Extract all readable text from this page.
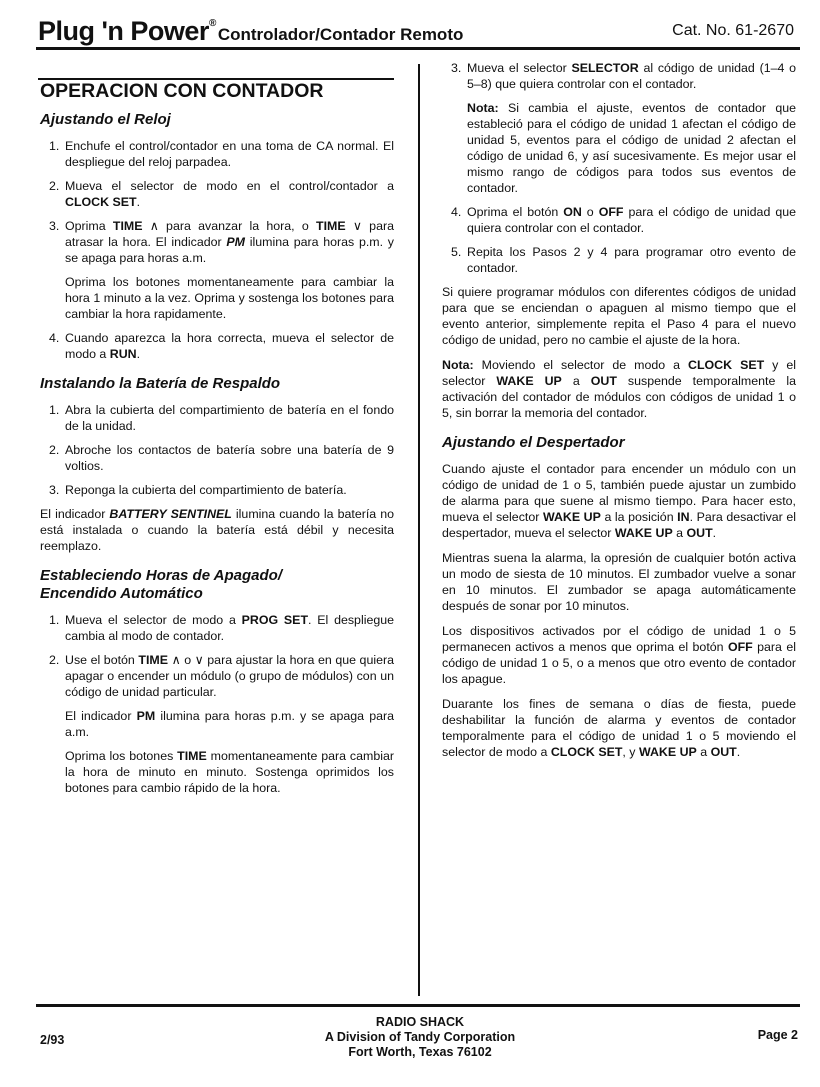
Plug 'n Power®Controlador/Contador Remoto	Cat. No. 61-2670
OPERACION CON CONTADOR
Ajustando el Reloj
1. Enchufe el control/contador en una toma de CA normal. El despliegue del reloj parpadea.
2. Mueva el selector de modo en el control/contador a CLOCK SET.
3. Oprima TIME ∧ para avanzar la hora, o TIME ∨ para atrasar la hora. El indicador PM ilumina para horas p.m. y se apaga para horas a.m.
Oprima los botones momentaneamente para cambiar la hora 1 minuto a la vez. Oprima y sostenga los botones para cambiar la hora rapidamente.
4. Cuando aparezca la hora correcta, mueva el selector de modo a RUN.
Instalando la Batería de Respaldo
1. Abra la cubierta del compartimiento de batería en el fondo de la unidad.
2. Abroche los contactos de batería sobre una batería de 9 voltios.
3. Reponga la cubierta del compartimiento de batería.
El indicador BATTERY SENTINEL ilumina cuando la batería no está instalada o cuando la batería está débil y necesita reemplazo.
Estableciendo Horas de Apagado/
Encendido Automático
1. Mueva el selector de modo a PROG SET. El despliegue cambia al modo de contador.
2. Use el botón TIME ∧ o ∨ para ajustar la hora en que quiera apagar o encender un módulo (o grupo de módulos) con un código de unidad particular.
El indicador PM ilumina para horas p.m. y se apaga para a.m.
Oprima los botones TIME momentaneamente para cambiar la hora de minuto en minuto. Sostenga oprimidos los botones para cambio rápido de la hora.
3. Mueva el selector SELECTOR al código de unidad (1–4 o 5–8) que quiera controlar con el contador.
Nota: Si cambia el ajuste, eventos de contador que estableció para el código de unidad 1 afectan el código de unidad 5, eventos para el código de unidad 2 afectan el código de unidad 6, y así sucesivamente. Es mejor usar el mismo rango de códigos para todos sus eventos de contador.
4. Oprima el botón ON o OFF para el código de unidad que quiera controlar con el contador.
5. Repita los Pasos 2 y 4 para programar otro evento de contador.
Si quiere programar módulos con diferentes códigos de unidad para que se enciendan o apaguen al mismo tiempo que el evento anterior, simplemente repita el Paso 4 para el nuevo código de unidad, pero no cambie el ajuste de la hora.
Nota: Moviendo el selector de modo a CLOCK SET y el selector WAKE UP a OUT suspende temporalmente la activación del contador de módulos con códigos de unidad 1 o 5, sin borrar la memoria del contador.
Ajustando el Despertador
Cuando ajuste el contador para encender un módulo con un código de unidad de 1 o 5, también puede ajustar un zumbido de alarma para que suene al mismo tiempo. Para hacer esto, mueva el selector WAKE UP a la posición IN. Para desactivar el despertador, mueva el selector WAKE UP a OUT.
Mientras suena la alarma, la opresión de cualquier botón activa un modo de siesta de 10 minutos. El zumbador vuelve a sonar en 10 minutos. El zumbador se apaga automáticamente después de sonar por 10 minutos.
Los dispositivos activados por el código de unidad 1 o 5 permanecen activos a menos que oprima el botón OFF para el código de unidad 1 o 5, o a menos que otro evento de contador los apague.
Duarante los fines de semana o días de fiesta, puede deshabilitar la función de alarma y eventos de contador temporalmente para el código de unidad 1 o 5 moviendo el selector de modo a CLOCK SET, y WAKE UP a OUT.
RADIO SHACK
A Division of Tandy Corporation
Fort Worth, Texas 76102
2/93	Page 2
